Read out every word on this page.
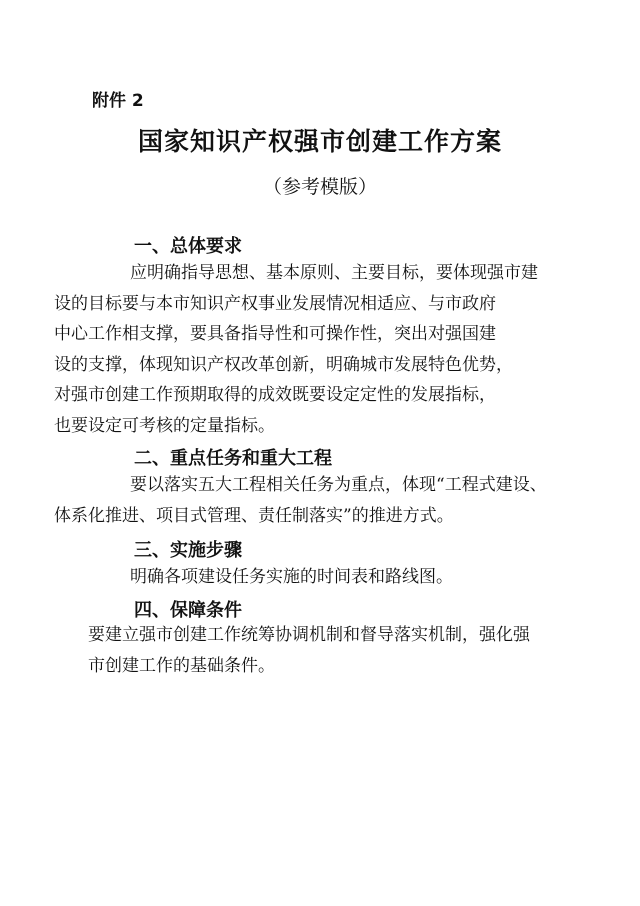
附件 2
国家知识产权强市创建工作方案
（参考模版）
一、总体要求
应明确指导思想、基本原则、主要目标，要体现强市建
设的目标要与本市知识产权事业发展情况相适应、与市政府
中心工作相支撑，要具备指导性和可操作性，突出对强国建
设的支撑，体现知识产权改革创新，明确城市发展特色优势，
对强市创建工作预期取得的成效既要设定定性的发展指标，
也要设定可考核的定量指标。
二、重点任务和重大工程
要以落实五大工程相关任务为重点，体现“工程式建设、
体系化推进、项目式管理、责任制落实”的推进方式。
三、实施步骤
明确各项建设任务实施的时间表和路线图。
四、保障条件
要建立强市创建工作统筹协调机制和督导落实机制，强化强
市创建工作的基础条件。
